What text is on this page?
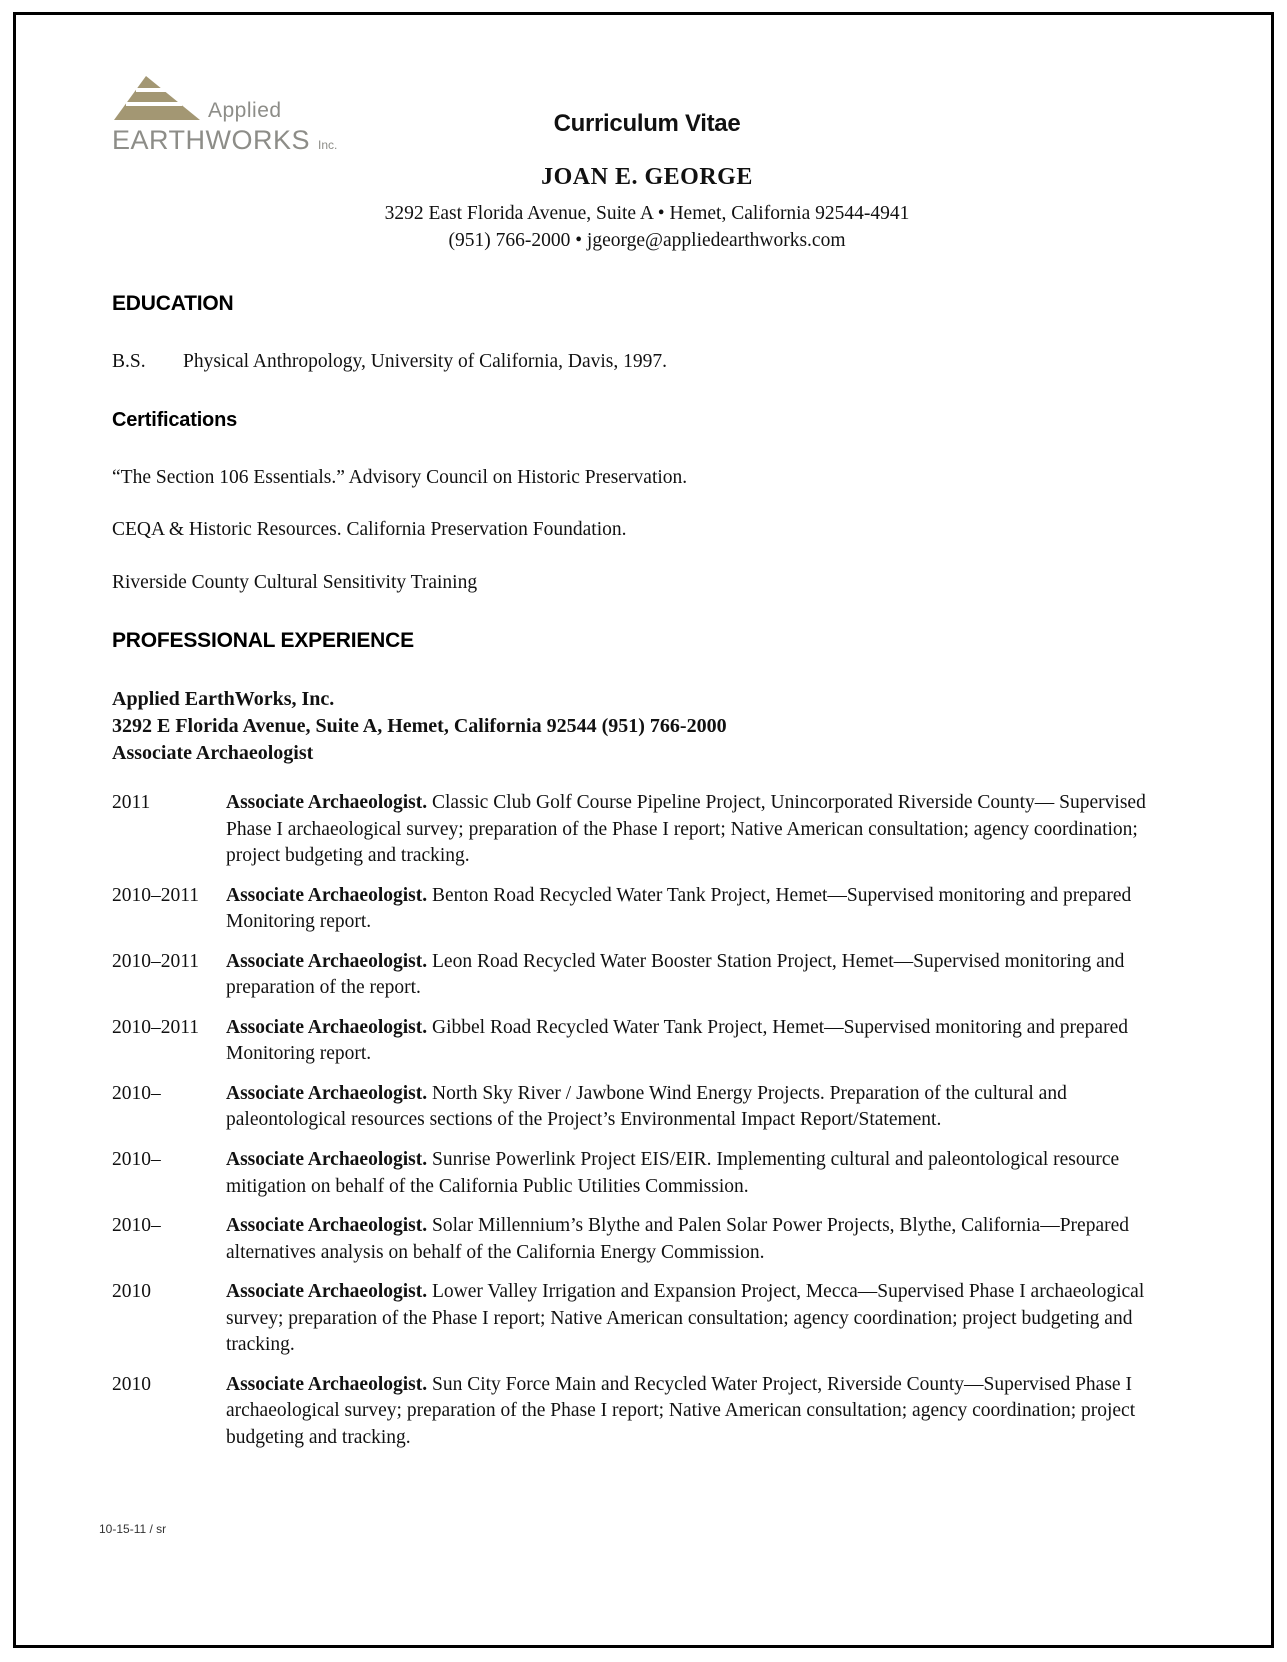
Applied
EARTHWORKS Inc.
Curriculum Vitae
JOAN E. GEORGE
3292 East Florida Avenue, Suite A • Hemet, California 92544-4941
(951) 766-2000 • jgeorge@appliedearthworks.com
EDUCATION
B.S.	Physical Anthropology, University of California, Davis, 1997.
Certifications

“The Section 106 Essentials.” Advisory Council on Historic Preservation.

CEQA & Historic Resources. California Preservation Foundation.

Riverside County Cultural Sensitivity Training

PROFESSIONAL EXPERIENCE
Applied EarthWorks, Inc.
3292 E Florida Avenue, Suite A, Hemet, California 92544 (951) 766-2000
Associate Archaeologist
2011	Associate Archaeologist. Classic Club Golf Course Pipeline Project, Unincorporated Riverside County— Supervised Phase I archaeological survey; preparation of the Phase I report; Native American consultation; agency coordination; project budgeting and tracking.
2010–2011	Associate Archaeologist. Benton Road Recycled Water Tank Project, Hemet—Supervised monitoring and prepared Monitoring report.
2010–2011	Associate Archaeologist. Leon Road Recycled Water Booster Station Project, Hemet—Supervised monitoring and preparation of the report.
2010–2011	Associate Archaeologist. Gibbel Road Recycled Water Tank Project, Hemet—Supervised monitoring and prepared Monitoring report.
2010–	Associate Archaeologist. North Sky River / Jawbone Wind Energy Projects. Preparation of the cultural and paleontological resources sections of the Project’s Environmental Impact Report/Statement.
2010–	Associate Archaeologist. Sunrise Powerlink Project EIS/EIR. Implementing cultural and paleontological resource mitigation on behalf of the California Public Utilities Commission.
2010–	Associate Archaeologist. Solar Millennium’s Blythe and Palen Solar Power Projects, Blythe, California—Prepared alternatives analysis on behalf of the California Energy Commission.
2010	Associate Archaeologist. Lower Valley Irrigation and Expansion Project, Mecca—Supervised Phase I archaeological survey; preparation of the Phase I report; Native American consultation; agency coordination; project budgeting and tracking.
2010	Associate Archaeologist. Sun City Force Main and Recycled Water Project, Riverside County—Supervised Phase I archaeological survey; preparation of the Phase I report; Native American consultation; agency coordination; project budgeting and tracking.
10-15-11 / sr
